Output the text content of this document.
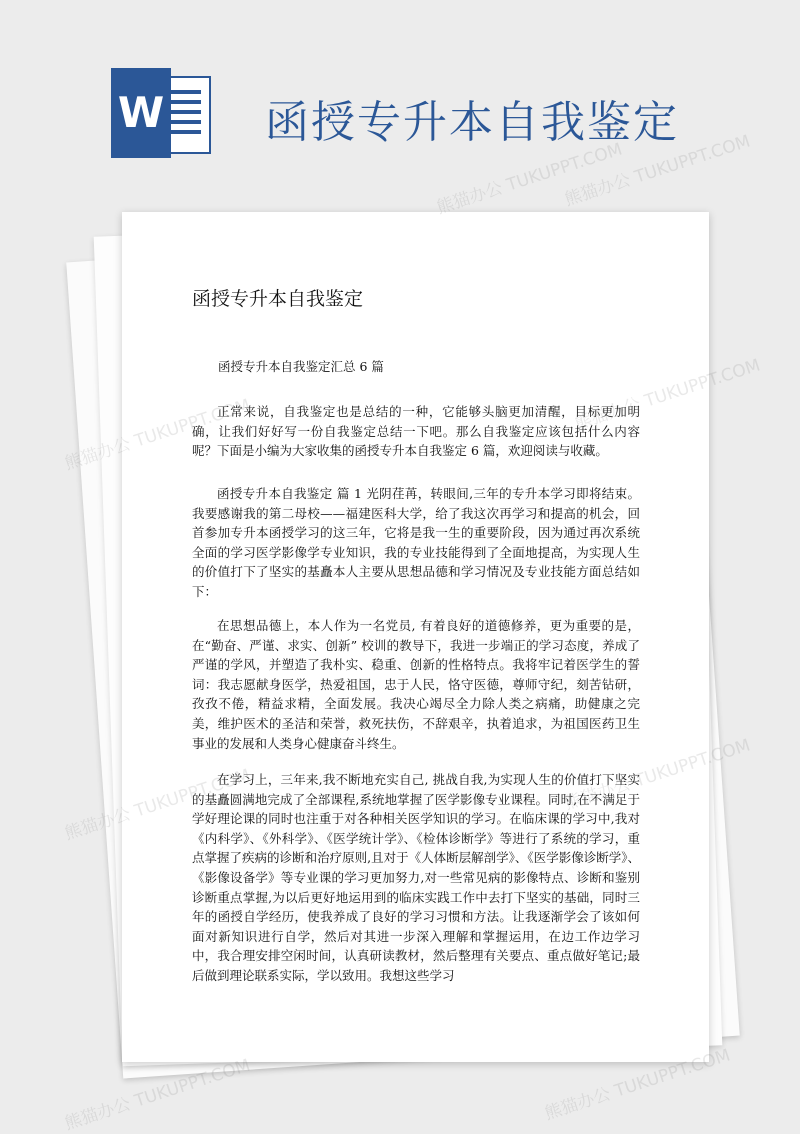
W 函授专升本自我鉴定
函授专升本自我鉴定
函授专升本自我鉴定汇总 6 篇

正常来说，自我鉴定也是总结的一种，它能够头脑更加清醒，目标更加明确，让我们好好写一份自我鉴定总结一下吧。那么自我鉴定应该包括什么内容呢？下面是小编为大家收集的函授专升本自我鉴定 6 篇，欢迎阅读与收藏。

函授专升本自我鉴定 篇 1 光阴荏苒，转眼间,三年的专升本学习即将结束。我要感谢我的第二母校——福建医科大学，给了我这次再学习和提高的机会，回首参加专升本函授学习的这三年，它将是我一生的重要阶段，因为通过再次系统全面的学习医学影像学专业知识，我的专业技能得到了全面地提高，为实现人生的价值打下了坚实的基矗本人主要从思想品德和学习情况及专业技能方面总结如下：

在思想品德上，本人作为一名党员, 有着良好的道德修养，更为重要的是，在“勤奋、严谨、求实、创新” 校训的教导下，我进一步端正的学习态度，养成了严谨的学风，并塑造了我朴实、稳重、创新的性格特点。我将牢记着医学生的誓词：我志愿献身医学，热爱祖国，忠于人民，恪守医德，尊师守纪，刻苦钻研，孜孜不倦，精益求精，全面发展。我决心竭尽全力除人类之病痛，助健康之完美，维护医术的圣洁和荣誉，救死扶伤，不辞艰辛，执着追求，为祖国医药卫生事业的发展和人类身心健康奋斗终生。

在学习上，三年来,我不断地充实自己, 挑战自我,为实现人生的价值打下坚实的基矗圆满地完成了全部课程,系统地掌握了医学影像专业课程。同时,在不满足于学好理论课的同时也注重于对各种相关医学知识的学习。在临床课的学习中,我对《内科学》、《外科学》、《医学统计学》、《检体诊断学》等进行了系统的学习，重点掌握了疾病的诊断和治疗原则,且对于《人体断层解剖学》、《医学影像诊断学》、《影像设备学》等专业课的学习更加努力,对一些常见病的影像特点、诊断和鉴别诊断重点掌握,为以后更好地运用到的临床实践工作中去打下坚实的基础，同时三年的函授自学经历，使我养成了良好的学习习惯和方法。让我逐渐学会了该如何面对新知识进行自学，然后对其进一步深入理解和掌握运用，在边工作边学习中，我合理安排空闲时间，认真研读教材，然后整理有关要点、重点做好笔记;最后做到理论联系实际，学以致用。我想这些学习

熊猫办公 TUKUPPT.COM
熊猫办公 TUKUPPT.COM
熊猫办公
熊猫办公 TUKUPPT.COM	熊猫办公 TUKUPPT.COM
